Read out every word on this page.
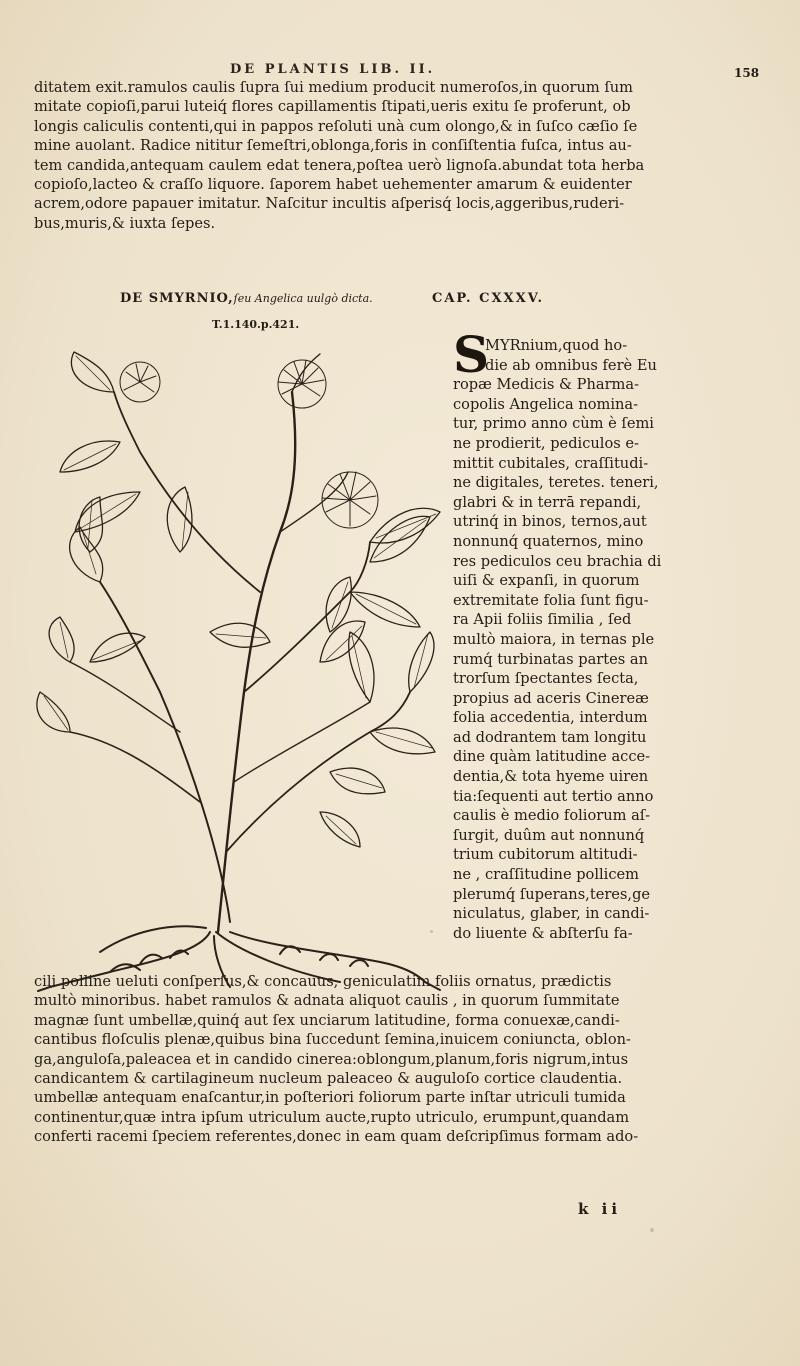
DE PLANTIS LIB. II.	158
ditatem exit.ramulos caulis ſupra ſui medium producit numeroſos,in quorum ſum
mitate copioſi,parui luteiq́ flores capillamentis ſtipati,ueris exitu ſe proferunt, ob
longis caliculis contenti,qui in pappos reſoluti unà cum olongo,& in ſuſco cæſio ſe
mine auolant. Radice nititur ſemeſtri,oblonga,foris in conſiſtentia fuſca, intus au-
tem candida,antequam caulem edat tenera,poſtea uerò lignoſa.abundat tota herba
copioſo,lacteo & craſſo liquore. ſaporem habet uehementer amarum & euidenter
acrem,odore papauer imitatur. Naſcitur incultis aſperisq́ locis,aggeribus,ruderi-
bus,muris,& iuxta ſepes.
DE SMYRNIO,ſeu Angelica uulgò dicta.	CAP. CXXXV.
T.1.140.p.421.
S
MYRnium,quod ho-
die ab omnibus ferè Eu
ropæ Medicis & Pharma-
copolis Angelica nomina-
tur, primo anno cùm è ſemi
ne prodierit, pediculos e-
mittit cubitales, craſſitudi-
ne digitales, teretes. teneri,
glabri & in terrā repandi,
utrinq́ in binos, ternos,aut
nonnunq́ quaternos, mino
res pediculos ceu brachia di
uiſi & expanſi, in quorum
extremitate folia ſunt figu-
ra Apii foliis ſimilia , ſed
multò maiora, in ternas ple
rumq́ turbinatas partes an
trorſum ſpectantes ſecta,
propius ad aceris Cinereæ
folia accedentia, interdum
ad dodrantem tam longitu
dine quàm latitudine acce-
dentia,& tota hyeme uiren
tia:ſequenti aut tertio anno
caulis è medio foliorum aſ-
ſurgit, duûm aut nonnunq́
trium cubitorum altitudi-
ne , craſſitudine pollicem
plerumq́ ſuperans,teres,ge
niculatus, glaber, in candi-
do liuente & abſterſu fa-
cili polline ueluti conſperſus,& concauus, geniculatim foliis ornatus, prædictis
multò minoribus. habet ramulos & adnata aliquot caulis , in quorum ſummitate
magnæ ſunt umbellæ,quinq́ aut ſex unciarum latitudine, forma conuexæ,candi-
cantibus floſculis plenæ,quibus bina ſuccedunt ſemina,inuicem coniuncta, oblon-
ga,anguloſa,paleacea et in candido cinerea:oblongum,planum,foris nigrum,intus
candicantem & cartilagineum nucleum paleaceo & auguloſo cortice claudentia.
umbellæ antequam enaſcantur,in poſteriori foliorum parte inſtar utriculi tumida
continentur,quæ intra ipſum utriculum aucte,rupto utriculo, erumpunt,quandam
conferti racemi ſpeciem referentes,donec in eam quam deſcripſimus formam ado-
k ii
